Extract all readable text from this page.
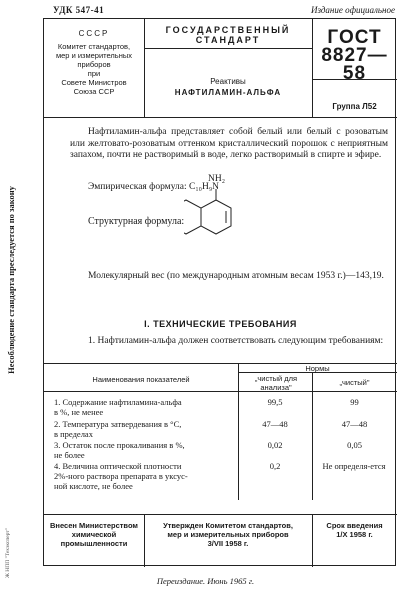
УДК 547-41	Издание официальное
Несоблюдение стандарта преследуется по закону
Ж НПП "Техэксперт"
СССР
Комитет стандартов,
мер и измерительных
приборов
при
Совете Министров
Союза ССР
ГОСУДАРСТВЕННЫЙ
СТАНДАРТ
Реактивы
НАФТИЛАМИН-АЛЬФА
ГОСТ
8827—58
Группа Л52
Нафтиламин-альфа представляет собой белый или белый с розоватым или желтовато-розоватым оттенком кристаллический порошок с неприятным запахом, почти не растворимый в воде, легко растворимый в спирте и эфире.
Эмпирическая формула: C₁₀H₉N
Структурная формула:
NH₂
Молекулярный вес (по международным атомным весам 1953 г.)—143,19.
I. ТЕХНИЧЕСКИЕ ТРЕБОВАНИЯ
1. Нафтиламин-альфа должен соответствовать следующим требованиям:
Наименования показателей
Нормы
„чистый для анализа"
„чистый"
1. Содержание нафтиламина-альфа
в %, не менее
99,5	99
2. Температура затвердевания в °С,
в пределах
47—48	47—48
3. Остаток после прокаливания в %,
не более
0,02	0,05
4. Величина оптической плотности
2%-ного раствора препарата в уксус-
ной кислоте, не более
0,2	Не определя-ется
Внесен Министерством
химической
промышленности
Утвержден Комитетом стандартов,
мер и измерительных приборов
3/VII 1958 г.
Срок введения
1/X 1958 г.
Переиздание. Июнь 1965 г.
